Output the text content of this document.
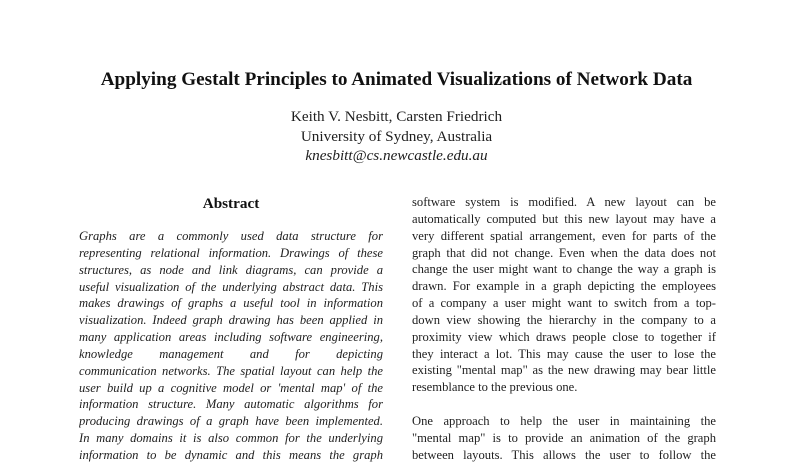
Applying Gestalt Principles to Animated Visualizations of Network Data
Keith V. Nesbitt, Carsten Friedrich
University of Sydney, Australia
knesbitt@cs.newcastle.edu.au
Abstract
Graphs are a commonly used data structure for
representing relational information. Drawings of these
structures, as node and link diagrams, can provide a
useful visualization of the underlying abstract data. This
makes drawings of graphs a useful tool in information
visualization. Indeed graph drawing has been applied in
many application areas including software engineering,
knowledge management and for depicting
communication networks. The spatial layout can help the
user build up a cognitive model or 'mental map' of the
information structure. Many automatic algorithms for
producing drawings of a graph have been implemented.
In many domains it is also common for the underlying
information to be dynamic and this means the graph
software system is modified. A new layout can be
automatically computed but this new layout may have a
very different spatial arrangement, even for parts of the
graph that did not change. Even when the data does not
change the user might want to change the way a graph is
drawn. For example in a graph depicting the employees
of a company a user might want to switch from a top-
down view showing the hierarchy in the company to a
proximity view which draws people close to together if
they interact a lot. This may cause the user to lose the
existing "mental map" as the new drawing may bear little
resemblance to the previous one.
One approach to help the user in maintaining the
"mental map" is to provide an animation of the graph
between layouts. This allows the user to follow the
